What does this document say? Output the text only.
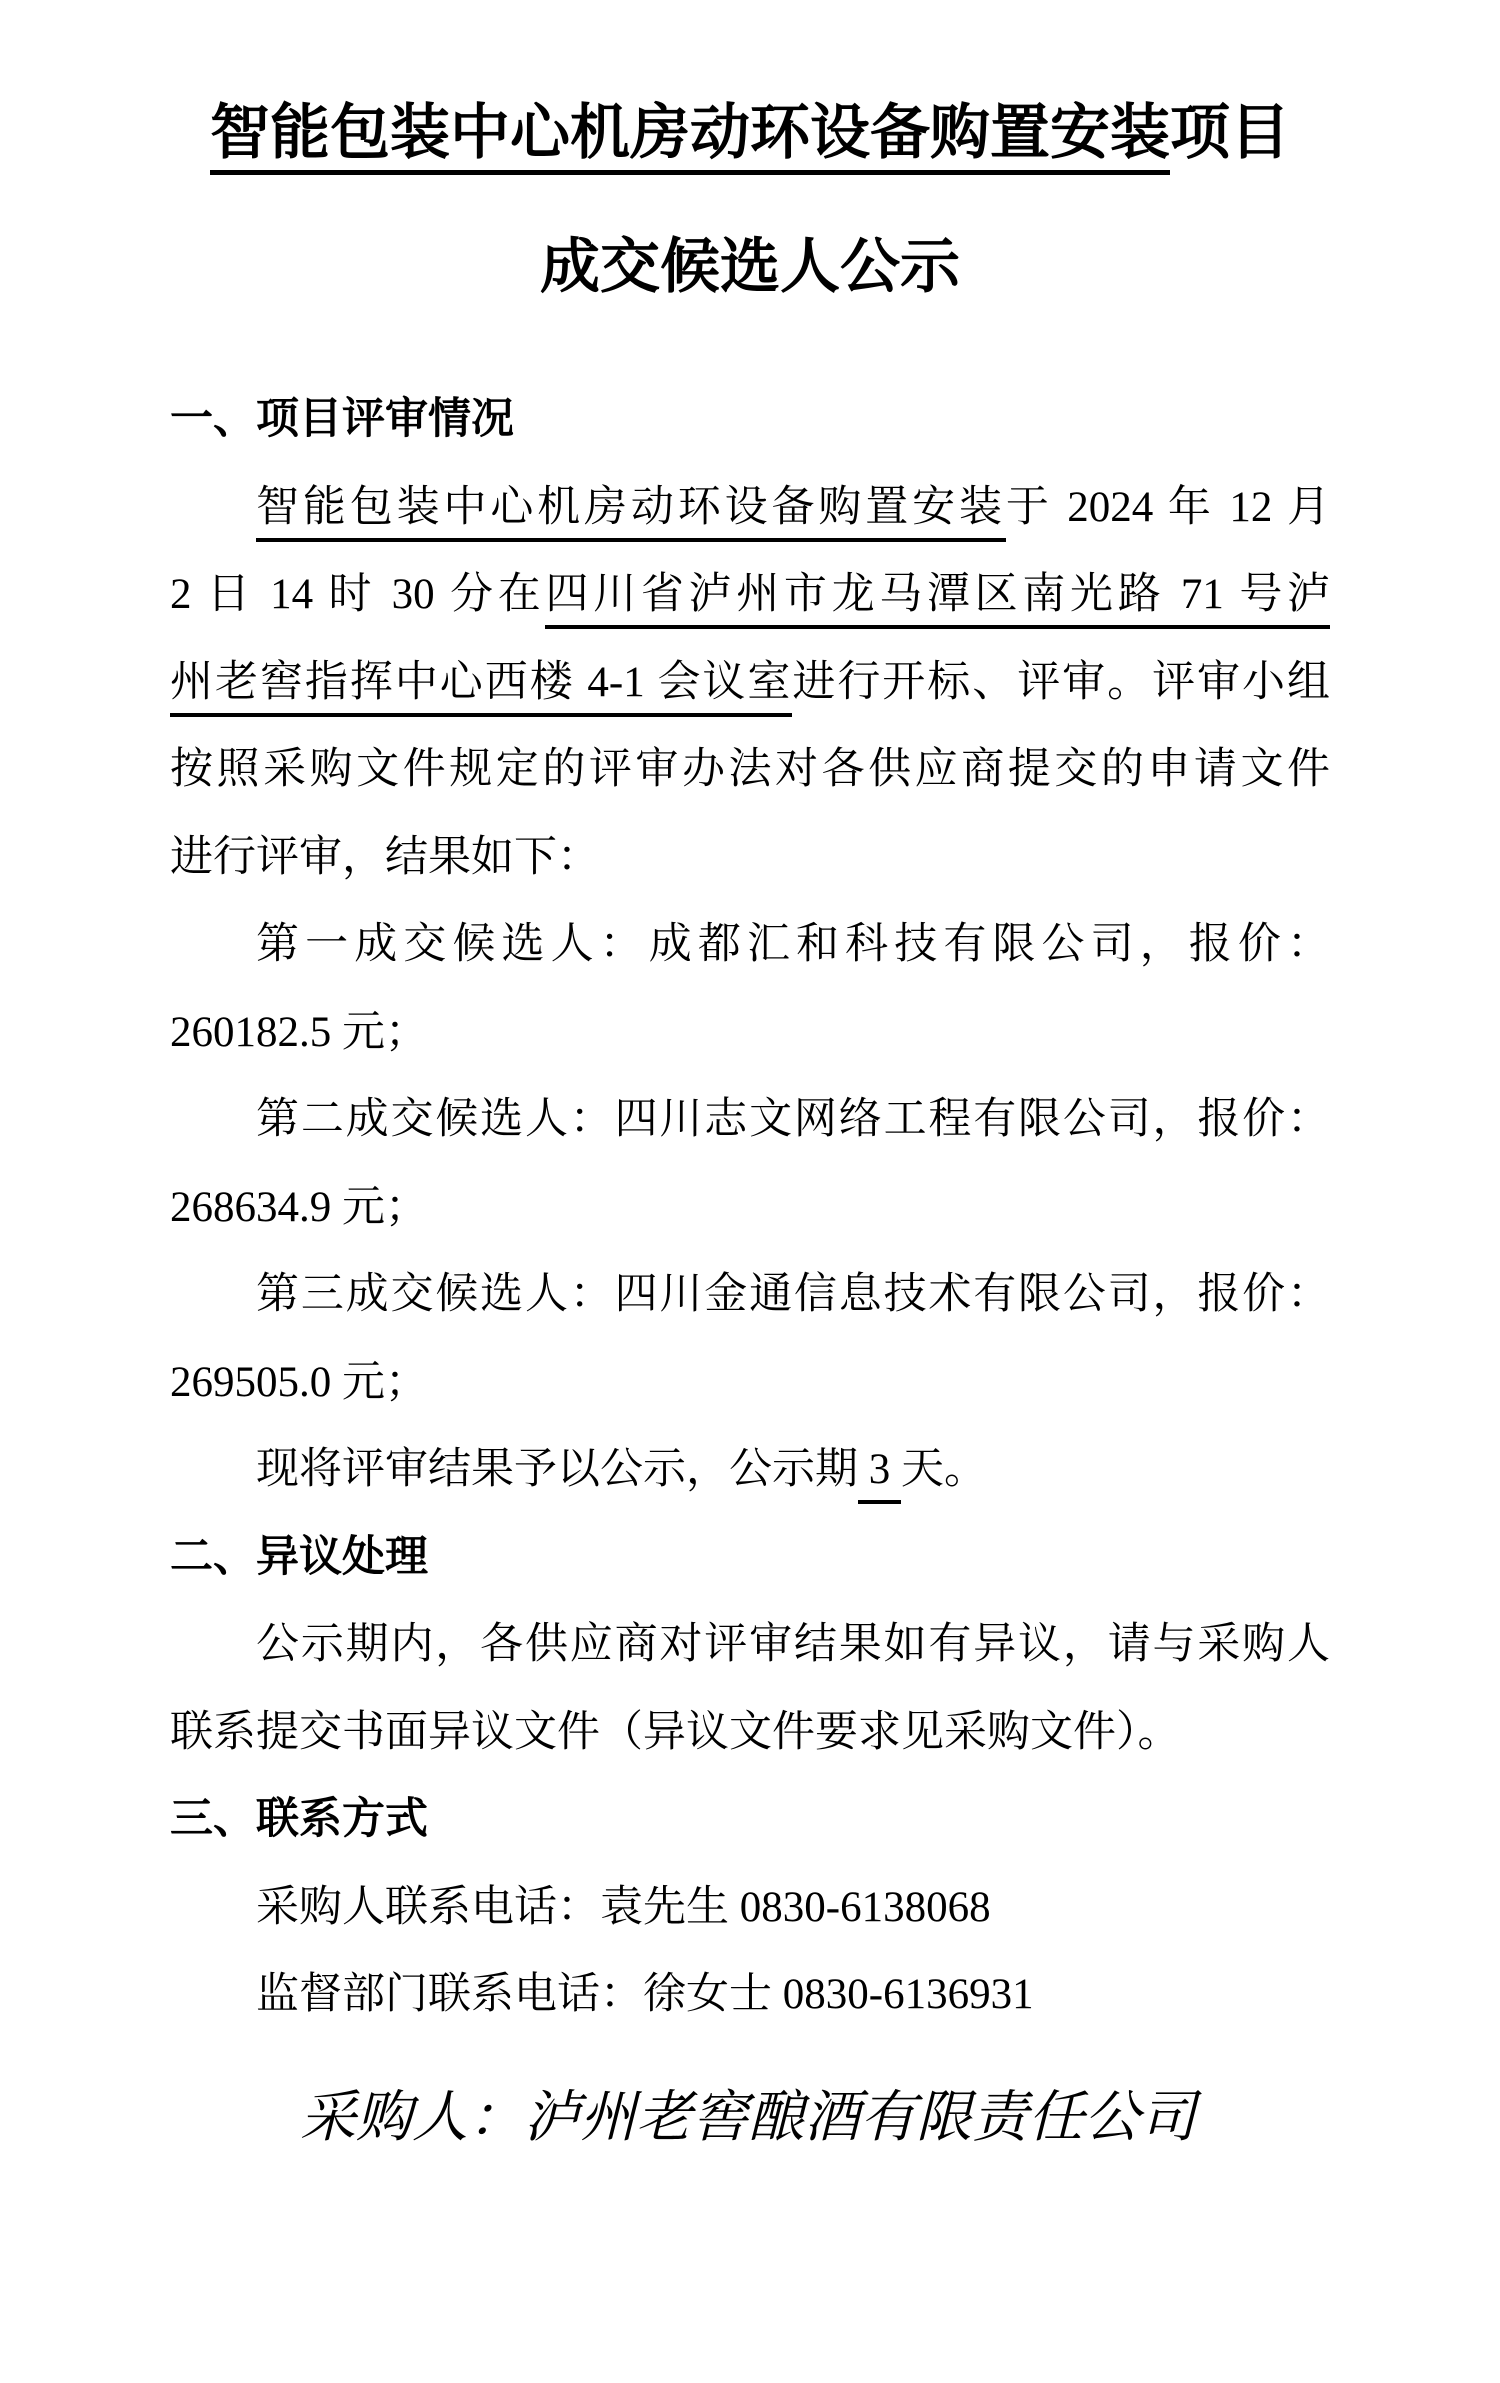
智能包装中心机房动环设备购置安装项目
成交候选人公示
一、项目评审情况
智能包装中心机房动环设备购置安装于 2024 年 12 月
2 日 14 时 30 分在四川省泸州市龙马潭区南光路 71 号泸
州老窖指挥中心西楼 4-1 会议室进行开标、评审。评审小组
按照采购文件规定的评审办法对各供应商提交的申请文件
进行评审，结果如下：
第一成交候选人：成都汇和科技有限公司，报价：
260182.5 元；
第二成交候选人：四川志文网络工程有限公司，报价：
268634.9 元；
第三成交候选人：四川金通信息技术有限公司，报价：
269505.0 元；
现将评审结果予以公示，公示期 3 天。
二、异议处理
公示期内，各供应商对评审结果如有异议，请与采购人
联系提交书面异议文件（异议文件要求见采购文件）。
三、联系方式
采购人联系电话：袁先生 0830-6138068
监督部门联系电话：徐女士 0830-6136931
采购人：泸州老窖酿酒有限责任公司
